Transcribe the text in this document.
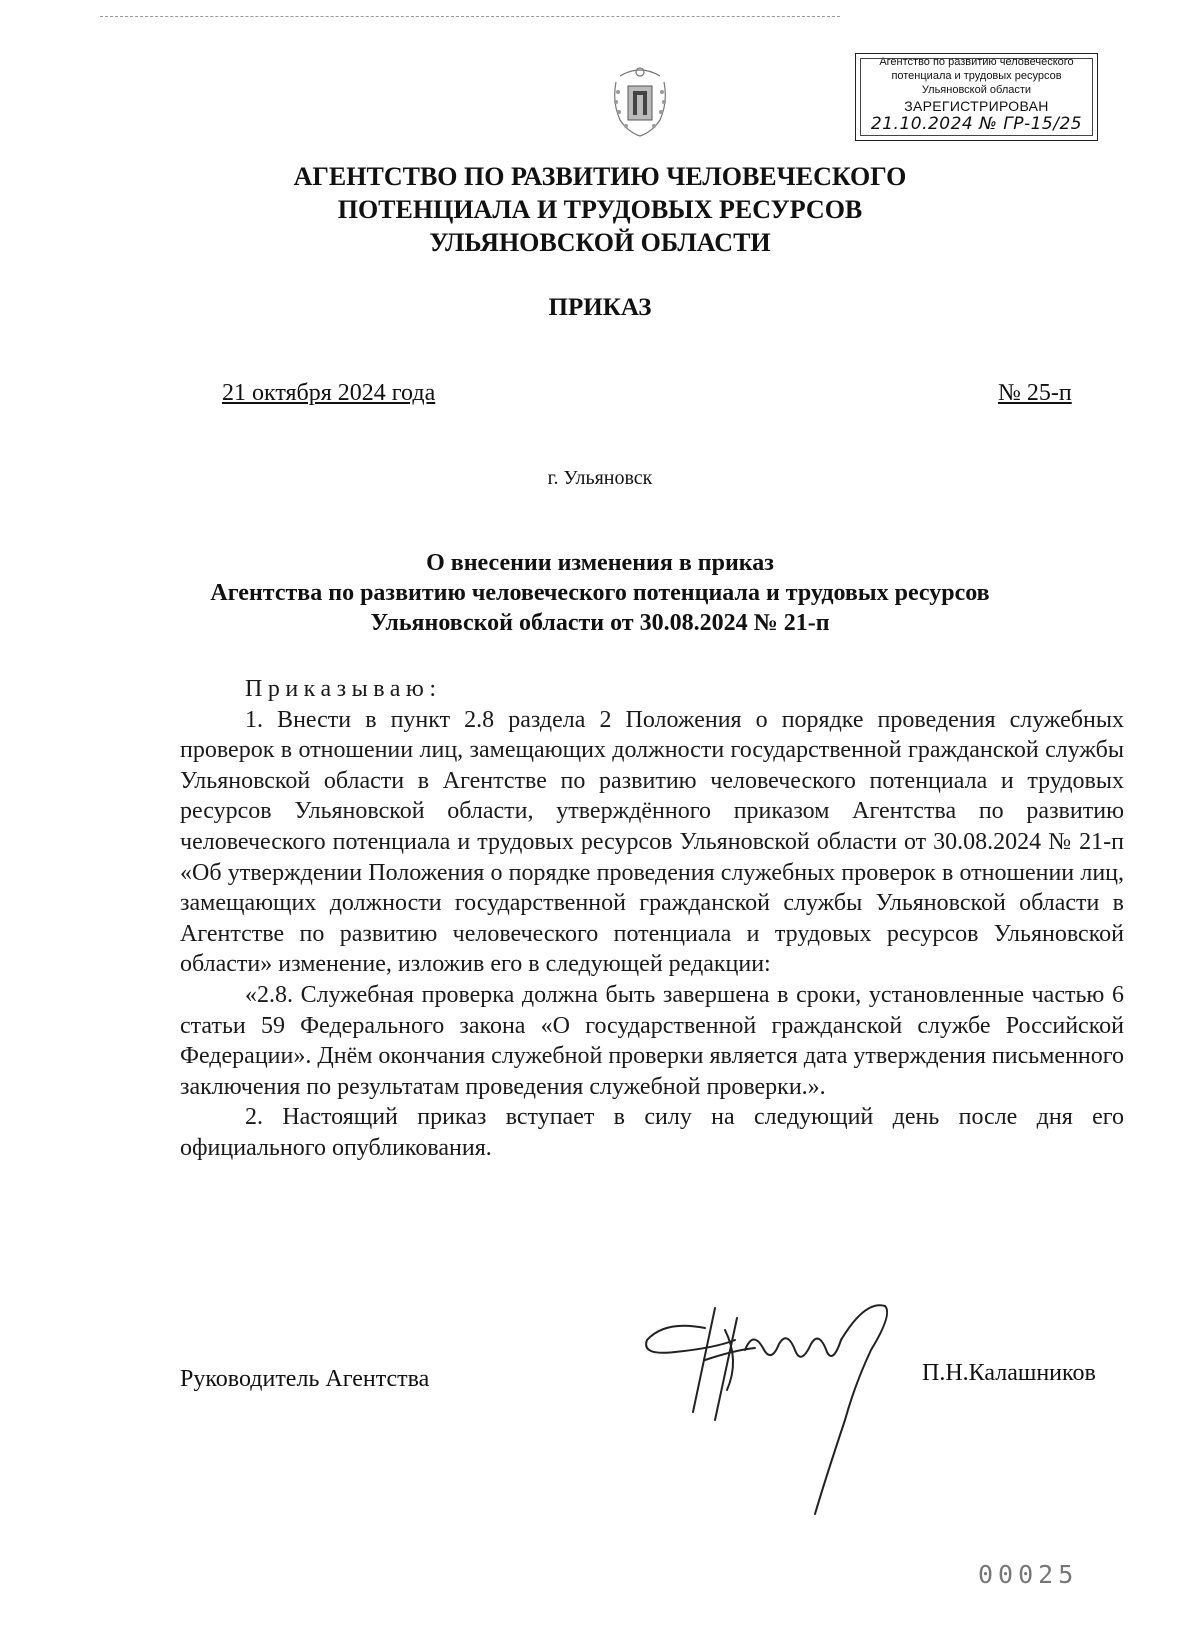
Агентство по развитию человеческого
потенциала и трудовых ресурсов
Ульяновской области
ЗАРЕГИСТРИРОВАН
21.10.2024 № ГР-15/25
АГЕНТСТВО ПО РАЗВИТИЮ ЧЕЛОВЕЧЕСКОГО
ПОТЕНЦИАЛА И ТРУДОВЫХ РЕСУРСОВ
УЛЬЯНОВСКОЙ ОБЛАСТИ
ПРИКАЗ
21 октября 2024 года	№ 25-п
г. Ульяновск
О внесении изменения в приказ
Агентства по развитию человеческого потенциала и трудовых ресурсов
Ульяновской области от 30.08.2024 № 21-п

Приказываю:

1. Внести в пункт 2.8 раздела 2 Положения о порядке проведения служебных проверок в отношении лиц, замещающих должности государственной гражданской службы Ульяновской области в Агентстве по развитию человеческого потенциала и трудовых ресурсов Ульяновской области, утверждённого приказом Агентства по развитию человеческого потенциала и трудовых ресурсов Ульяновской области от 30.08.2024 № 21-п «Об утверждении Положения о порядке проведения служебных проверок в отношении лиц, замещающих должности государственной гражданской службы Ульяновской области в Агентстве по развитию человеческого потенциала и трудовых ресурсов Ульяновской области» изменение, изложив его в следующей редакции:

«2.8. Служебная проверка должна быть завершена в сроки, установленные частью 6 статьи 59 Федерального закона «О государственной гражданской службе Российской Федерации». Днём окончания служебной проверки является дата утверждения письменного заключения по результатам проведения служебной проверки.».

2. Настоящий приказ вступает в силу на следующий день после дня его официального опубликования.

Руководитель Агентства	П.Н.Калашников
00025
